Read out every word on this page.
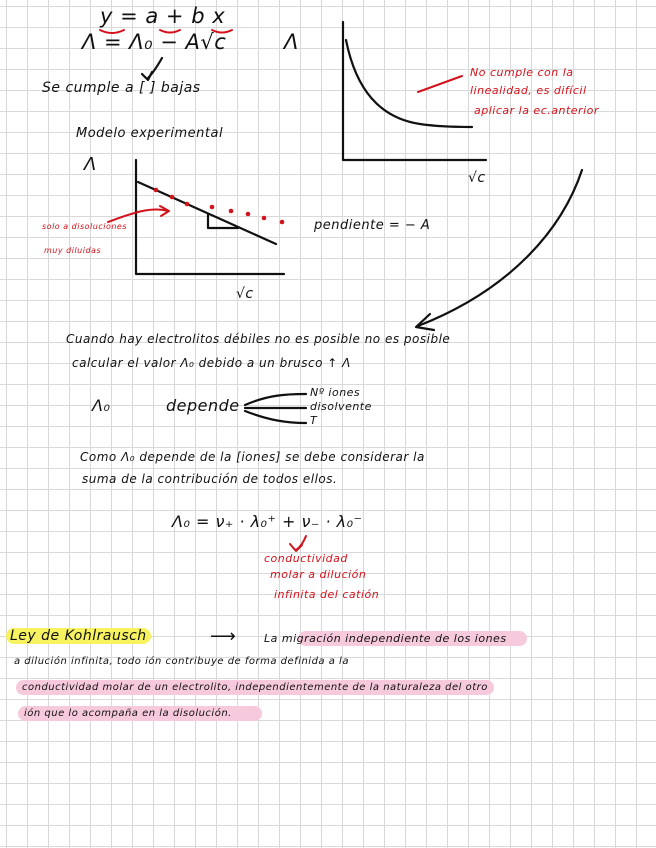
y = a + b x
Λ = Λ₀ − A√c	Λ
Se cumple a [ ] bajas
Modelo experimental
Λ
√c
√c
pendiente = − A
solo a disoluciones
muy diluidas
No cumple con la
linealidad, es difícil
aplicar la ec.anterior
Cuando hay electrolitos débiles no es posible no es posible
calcular el valor Λ₀ debido a un brusco ↑ Λ
Λ₀	depende
Nº iones
disolvente
T
Como Λ₀ depende de la [iones] se debe considerar la
suma de la contribución de todos ellos.
Λ₀ = ν₊ · λ₀⁺ + ν₋ · λ₀⁻
conductividad
molar a dilución
infinita del catión
Ley de Kohlrausch	⟶	La migración independiente de los iones
a dilución infinita, todo ión contribuye de forma definida a la
conductividad molar de un electrolito, independientemente de la naturaleza del otro
ión que lo acompaña en la disolución.
